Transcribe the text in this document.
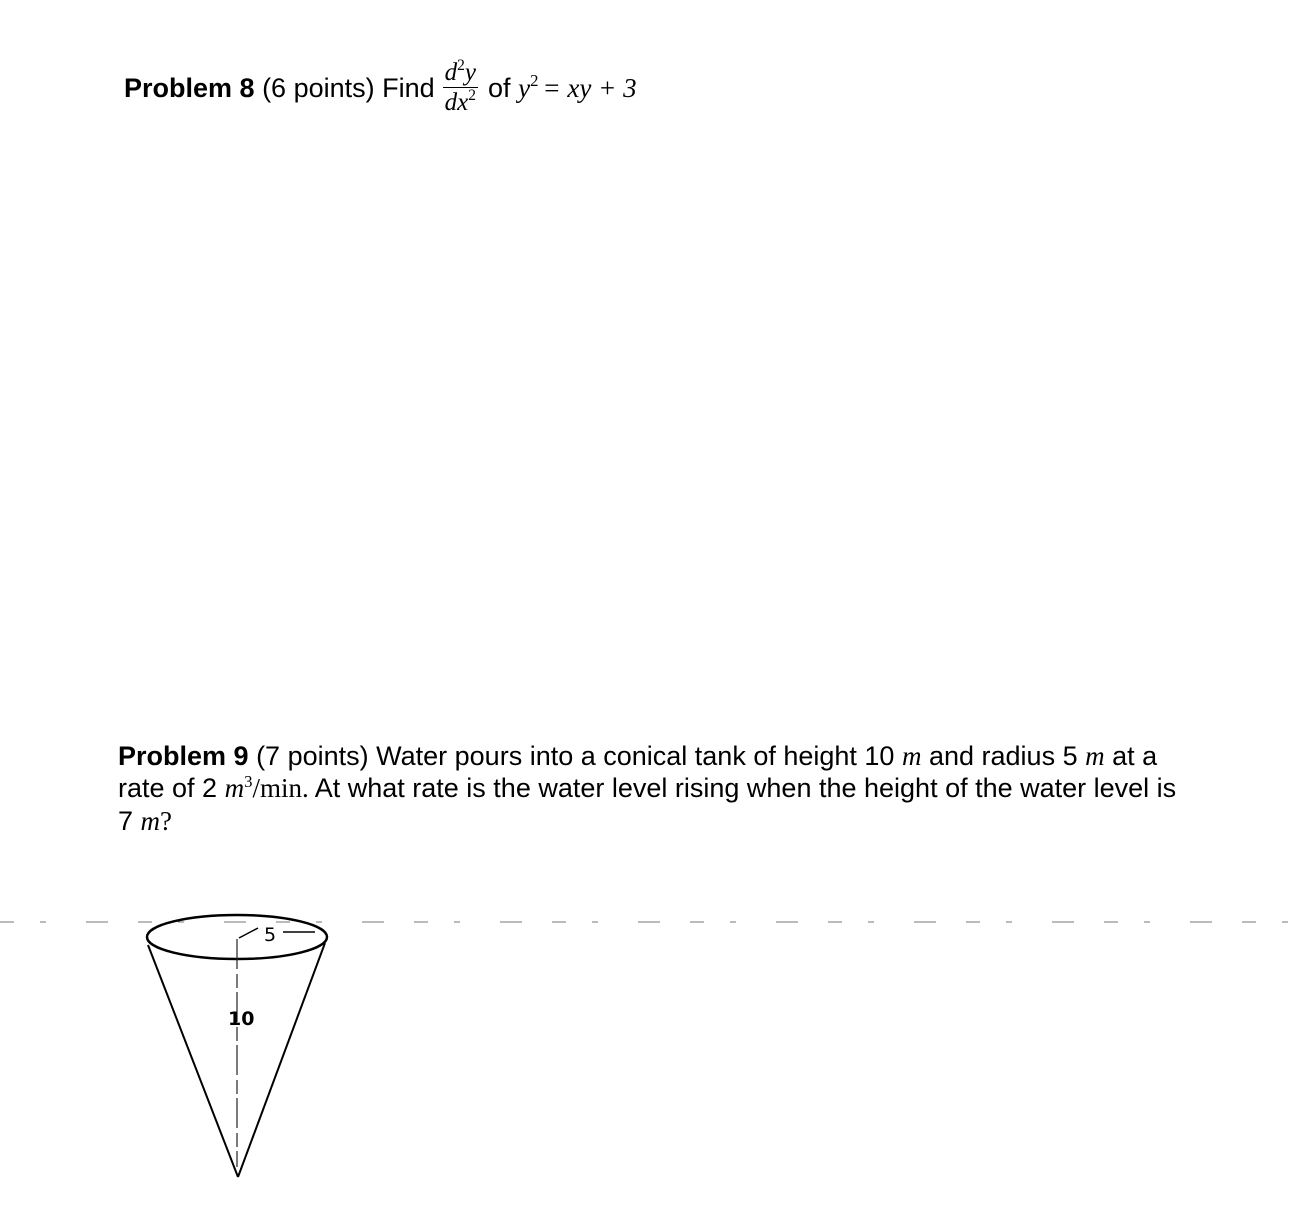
Problem 8
(6 points)
Find $\frac{d^2y}{dx^2}$ of
$y^2$ = xy + 3

Problem 9 (7 points) Water pours into a conical tank of height 10 m and radius 5 m at a rate of 2 $m^3/\min$. At what rate is the water level rising when the height of the water level is 7 m?

5
10
